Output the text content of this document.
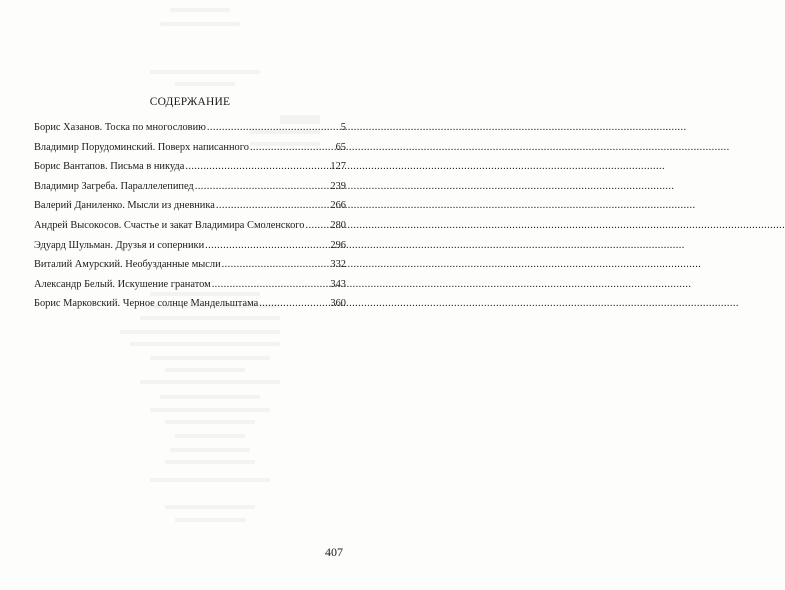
СОДЕРЖАНИЕ
Борис Хазанов. Тоска по многословию .....	5
Владимир Порудоминский. Поверх написанного .....	65
Борис Вантапов. Письма в никуда .....	127
Владимир Загреба. Параллелепипед .....	239
Валерий Даниленко. Мысли из дневника .....	266
Андрей Высокосов. Счастье и закат Владимира Смоленского ..... 280
Эдуард Шульман. Друзья и соперники .....	296
Виталий Амурский. Необузданные мысли .....	332
Александр Белый. Искушение гранатом .....	343
Борис Марковский. Черное солнце Мандельштама .....	360
407
